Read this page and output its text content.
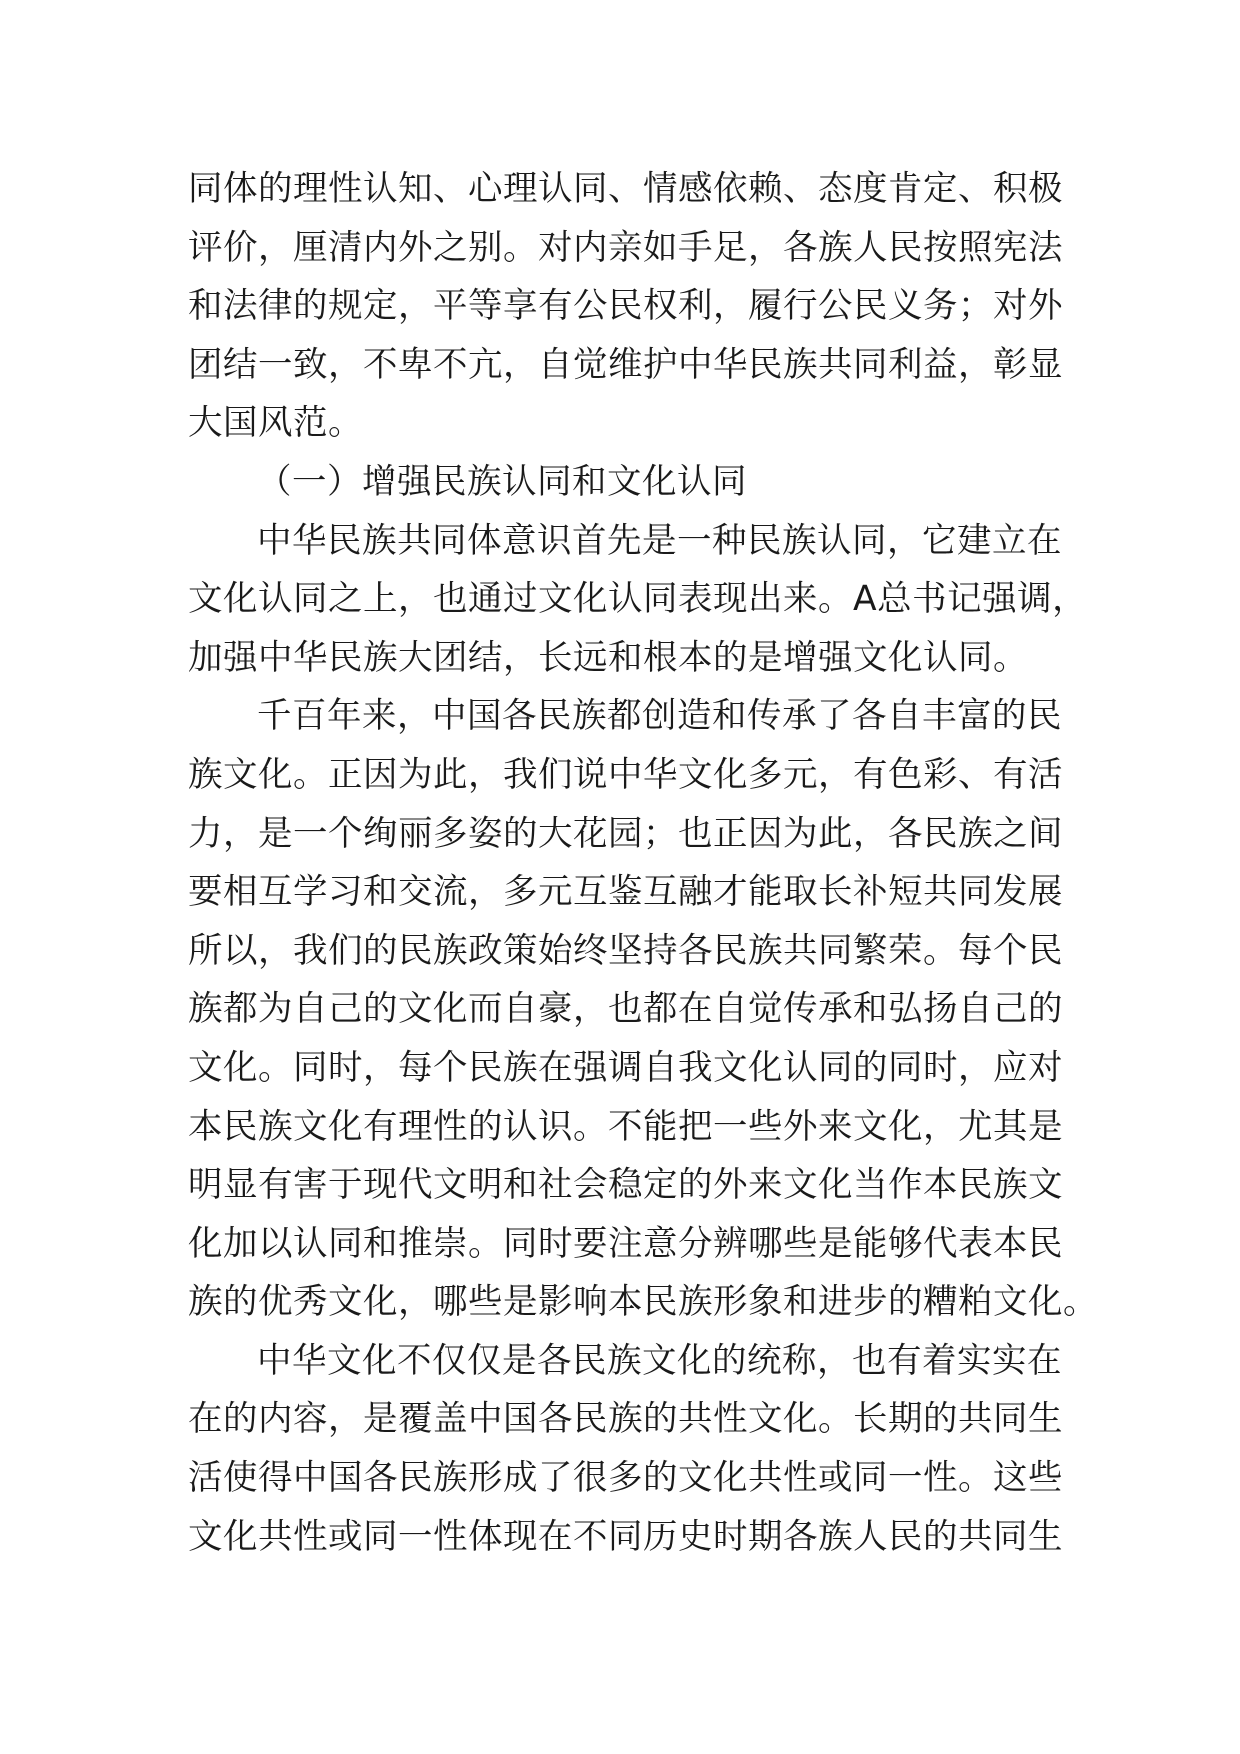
同体的理性认知、心理认同、情感依赖、态度肯定、积极
评价，厘清内外之别。对内亲如手足，各族人民按照宪法
和法律的规定，平等享有公民权利，履行公民义务；对外
团结一致，不卑不亢，自觉维护中华民族共同利益，彰显
大国风范。
（一）增强民族认同和文化认同
中华民族共同体意识首先是一种民族认同，它建立在
文化认同之上，也通过文化认同表现出来。A总书记强调，
加强中华民族大团结，长远和根本的是增强文化认同。
千百年来，中国各民族都创造和传承了各自丰富的民
族文化。正因为此，我们说中华文化多元，有色彩、有活
力，是一个绚丽多姿的大花园；也正因为此，各民族之间
要相互学习和交流，多元互鉴互融才能取长补短共同发展
所以，我们的民族政策始终坚持各民族共同繁荣。每个民
族都为自己的文化而自豪，也都在自觉传承和弘扬自己的
文化。同时，每个民族在强调自我文化认同的同时，应对
本民族文化有理性的认识。不能把一些外来文化，尤其是
明显有害于现代文明和社会稳定的外来文化当作本民族文
化加以认同和推崇。同时要注意分辨哪些是能够代表本民
族的优秀文化，哪些是影响本民族形象和进步的糟粕文化。
中华文化不仅仅是各民族文化的统称，也有着实实在
在的内容，是覆盖中国各民族的共性文化。长期的共同生
活使得中国各民族形成了很多的文化共性或同一性。这些
文化共性或同一性体现在不同历史时期各族人民的共同生
